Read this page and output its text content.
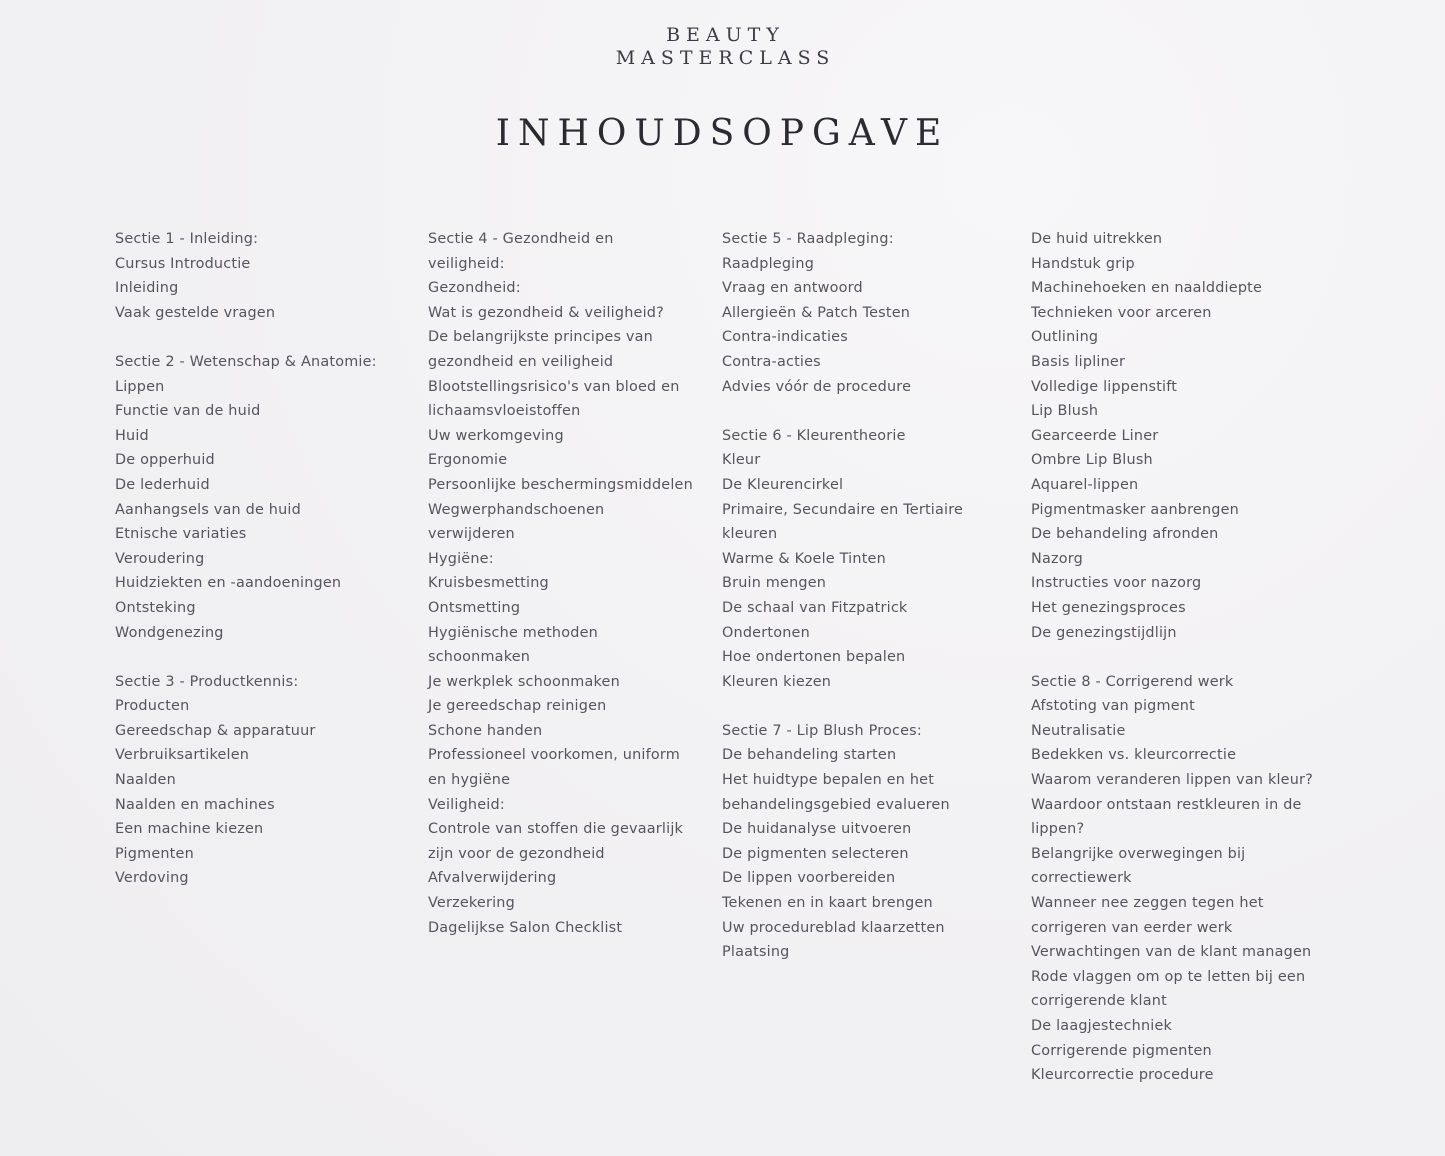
BEAUTY
MASTERCLASS
INHOUDSOPGAVE
Sectie 1 - Inleiding:
Cursus Introductie
Inleiding
Vaak gestelde vragen
Sectie 2 - Wetenschap & Anatomie:
Lippen
Functie van de huid
Huid
De opperhuid
De lederhuid
Aanhangsels van de huid
Etnische variaties
Veroudering
Huidziekten en -aandoeningen
Ontsteking
Wondgenezing
Sectie 3 - Productkennis:
Producten
Gereedschap & apparatuur
Verbruiksartikelen
Naalden
Naalden en machines
Een machine kiezen
Pigmenten
Verdoving
Sectie 4 - Gezondheid en
veiligheid:
Gezondheid:
Wat is gezondheid & veiligheid?
De belangrijkste principes van
gezondheid en veiligheid
Blootstellingsrisico's van bloed en
lichaamsvloeistoffen
Uw werkomgeving
Ergonomie
Persoonlijke beschermingsmiddelen
Wegwerphandschoenen
verwijderen
Hygiëne:
Kruisbesmetting
Ontsmetting
Hygiënische methoden
schoonmaken
Je werkplek schoonmaken
Je gereedschap reinigen
Schone handen
Professioneel voorkomen, uniform
en hygiëne
Veiligheid:
Controle van stoffen die gevaarlijk
zijn voor de gezondheid
Afvalverwijdering
Verzekering
Dagelijkse Salon Checklist
Sectie 5 - Raadpleging:
Raadpleging
Vraag en antwoord
Allergieën & Patch Testen
Contra-indicaties
Contra-acties
Advies vóór de procedure
Sectie 6 - Kleurentheorie
Kleur
De Kleurencirkel
Primaire, Secundaire en Tertiaire
kleuren
Warme & Koele Tinten
Bruin mengen
De schaal van Fitzpatrick
Ondertonen
Hoe ondertonen bepalen
Kleuren kiezen
Sectie 7 - Lip Blush Proces:
De behandeling starten
Het huidtype bepalen en het
behandelingsgebied evalueren
De huidanalyse uitvoeren
De pigmenten selecteren
De lippen voorbereiden
Tekenen en in kaart brengen
Uw procedureblad klaarzetten
Plaatsing
De huid uitrekken
Handstuk grip
Machinehoeken en naalddiepte
Technieken voor arceren
Outlining
Basis lipliner
Volledige lippenstift
Lip Blush
Gearceerde Liner
Ombre Lip Blush
Aquarel-lippen
Pigmentmasker aanbrengen
De behandeling afronden
Nazorg
Instructies voor nazorg
Het genezingsproces
De genezingstijdlijn
Sectie 8 - Corrigerend werk
Afstoting van pigment
Neutralisatie
Bedekken vs. kleurcorrectie
Waarom veranderen lippen van kleur?
Waardoor ontstaan restkleuren in de
lippen?
Belangrijke overwegingen bij
correctiewerk
Wanneer nee zeggen tegen het
corrigeren van eerder werk
Verwachtingen van de klant managen
Rode vlaggen om op te letten bij een
corrigerende klant
De laagjestechniek
Corrigerende pigmenten
Kleurcorrectie procedure
